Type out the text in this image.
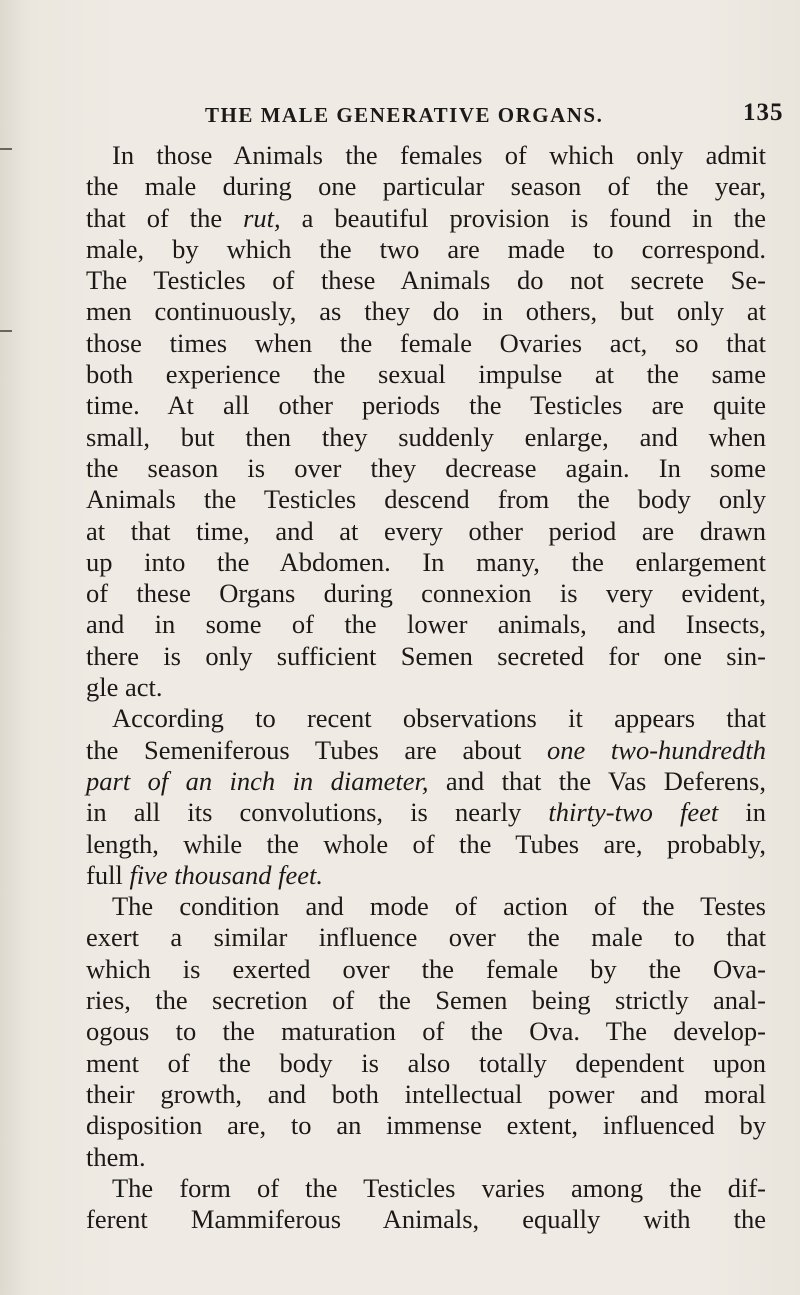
THE MALE GENERATIVE ORGANS.	135
In those Animals the females of which only admit
the male during one particular season of the year,
that of the rut, a beautiful provision is found in the
male, by which the two are made to correspond.
The Testicles of these Animals do not secrete Se-
men continuously, as they do in others, but only at
those times when the female Ovaries act, so that
both experience the sexual impulse at the same
time. At all other periods the Testicles are quite
small, but then they suddenly enlarge, and when
the season is over they decrease again. In some
Animals the Testicles descend from the body only
at that time, and at every other period are drawn
up into the Abdomen. In many, the enlargement
of these Organs during connexion is very evident,
and in some of the lower animals, and Insects,
there is only sufficient Semen secreted for one sin-
gle act.
According to recent observations it appears that
the Semeniferous Tubes are about one two-hundredth
part of an inch in diameter, and that the Vas Deferens,
in all its convolutions, is nearly thirty-two feet in
length, while the whole of the Tubes are, probably,
full five thousand feet.
The condition and mode of action of the Testes
exert a similar influence over the male to that
which is exerted over the female by the Ova-
ries, the secretion of the Semen being strictly anal-
ogous to the maturation of the Ova. The develop-
ment of the body is also totally dependent upon
their growth, and both intellectual power and moral
disposition are, to an immense extent, influenced by
them.
The form of the Testicles varies among the dif-
ferent Mammiferous Animals, equally with the
